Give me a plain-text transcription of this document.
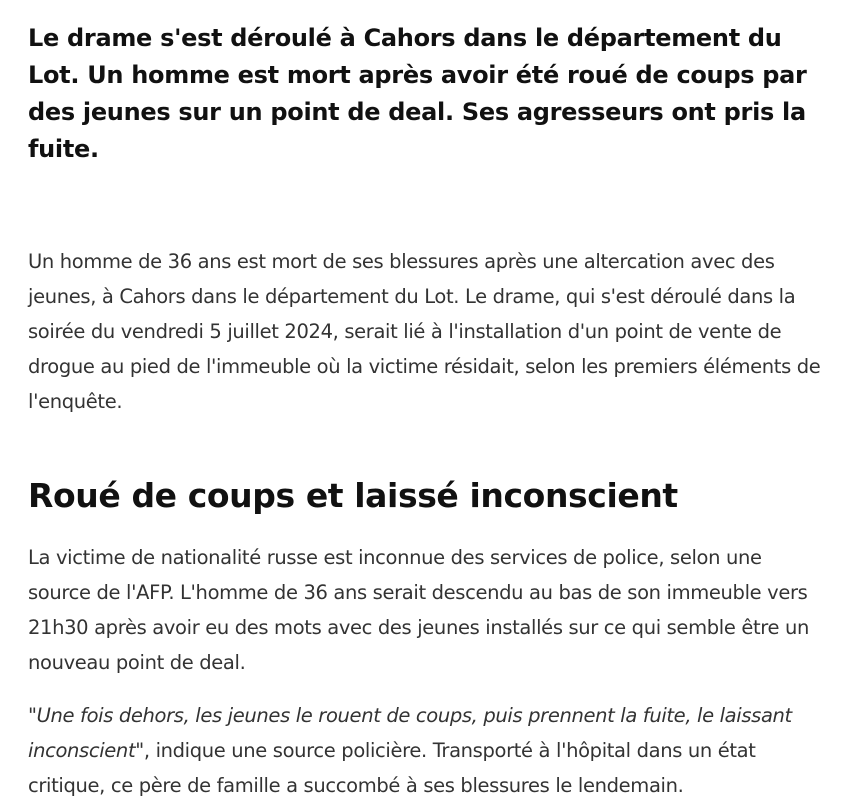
Le drame s'est déroulé à Cahors dans le département du Lot. Un homme est mort après avoir été roué de coups par des jeunes sur un point de deal. Ses agresseurs ont pris la fuite.

Un homme de 36 ans est mort de ses blessures après une altercation avec des jeunes, à Cahors dans le département du Lot. Le drame, qui s'est déroulé dans la soirée du vendredi 5 juillet 2024, serait lié à l'installation d'un point de vente de drogue au pied de l'immeuble où la victime résidait, selon les premiers éléments de l'enquête.

Roué de coups et laissé inconscient

La victime de nationalité russe est inconnue des services de police, selon une source de l'AFP. L'homme de 36 ans serait descendu au bas de son immeuble vers 21h30 après avoir eu des mots avec des jeunes installés sur ce qui semble être un nouveau point de deal.

"Une fois dehors, les jeunes le rouent de coups, puis prennent la fuite, le laissant inconscient", indique une source policière. Transporté à l'hôpital dans un état critique, ce père de famille a succombé à ses blessures le lendemain.
